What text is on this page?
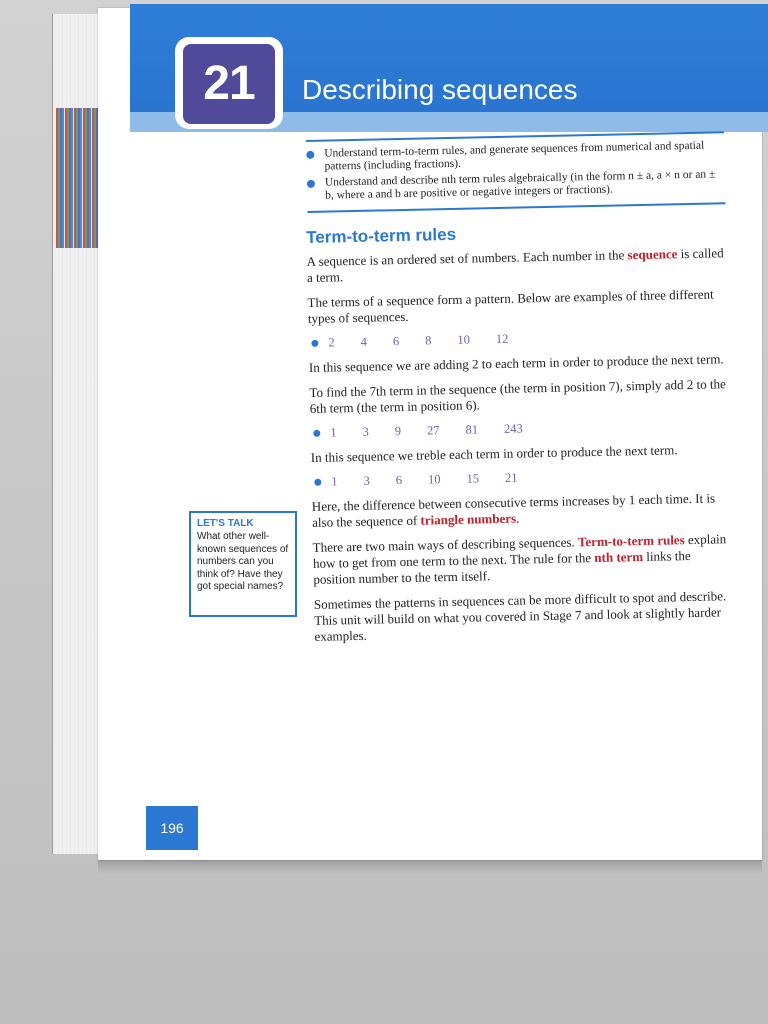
21	Describing sequences
Understand term-to-term rules, and generate sequences from numerical and spatial patterns (including fractions).
Understand and describe nth term rules algebraically (in the form n ± a, a × n or an ± b, where a and b are positive or negative integers or fractions).
Term-to-term rules

A sequence is an ordered set of numbers. Each number in the sequence is called a term.

The terms of a sequence form a pattern. Below are examples of three different types of sequences.

2 4 6 8 10 12

In this sequence we are adding 2 to each term in order to produce the next term.

To find the 7th term in the sequence (the term in position 7), simply add 2 to the 6th term (the term in position 6).

1 3 9 27 81 243

In this sequence we treble each term in order to produce the next term.

1 3 6 10 15 21

Here, the difference between consecutive terms increases by 1 each time. It is also the sequence of triangle numbers.

There are two main ways of describing sequences. Term-to-term rules explain how to get from one term to the next. The rule for the nth term links the position number to the term itself.

Sometimes the patterns in sequences can be more difficult to spot and describe. This unit will build on what you covered in Stage 7 and look at slightly harder examples.

LET'S TALK
What other well-known sequences of numbers can you think of? Have they got special names?
196
